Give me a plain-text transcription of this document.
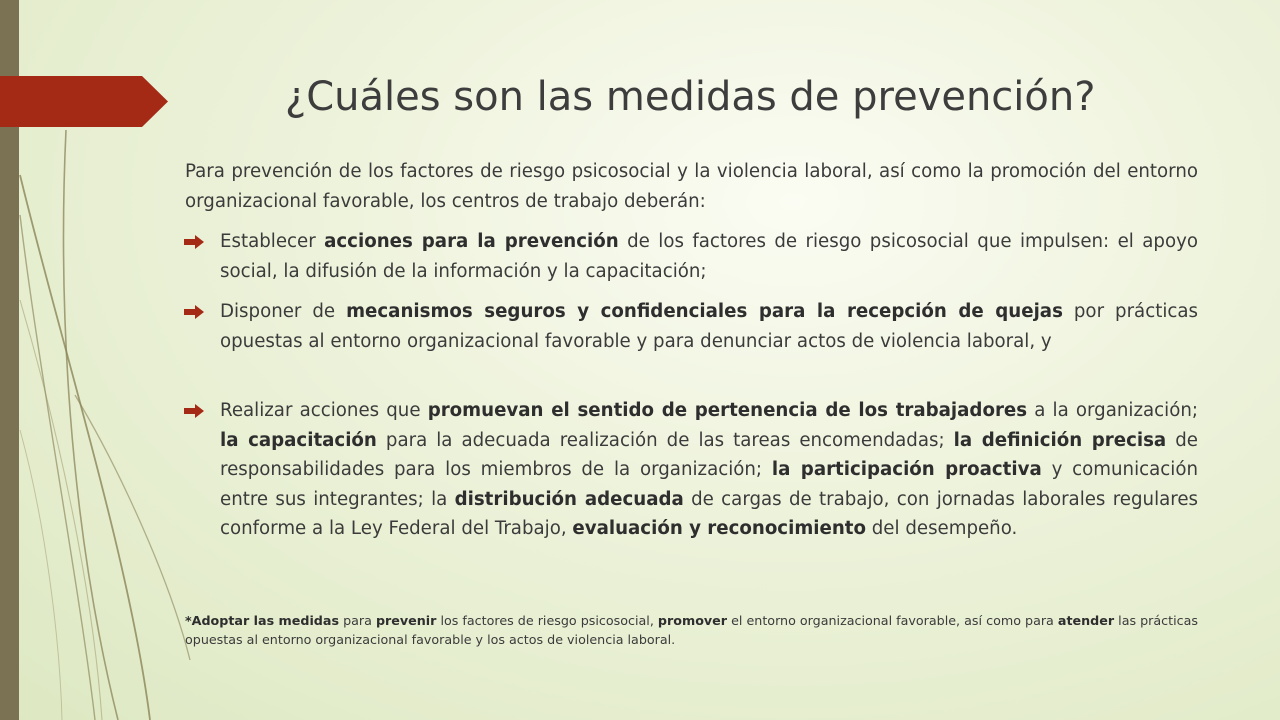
¿Cuáles son las medidas de prevención?
Para prevención de los factores de riesgo psicosocial y la violencia laboral, así como la promoción del entorno organizacional favorable, los centros de trabajo deberán:
Establecer acciones para la prevención de los factores de riesgo psicosocial que impulsen: el apoyo social, la difusión de la información y la capacitación;
Disponer de mecanismos seguros y confidenciales para la recepción de quejas por prácticas opuestas al entorno organizacional favorable y para denunciar actos de violencia laboral, y
Realizar acciones que promuevan el sentido de pertenencia de los trabajadores a la organización; la capacitación para la adecuada realización de las tareas encomendadas; la definición precisa de responsabilidades para los miembros de la organización; la participación proactiva y comunicación entre sus integrantes; la distribución adecuada de cargas de trabajo, con jornadas laborales regulares conforme a la Ley Federal del Trabajo, evaluación y reconocimiento del desempeño.
*Adoptar las medidas para prevenir los factores de riesgo psicosocial, promover el entorno organizacional favorable, así como para atender las prácticas opuestas al entorno organizacional favorable y los actos de violencia laboral.
